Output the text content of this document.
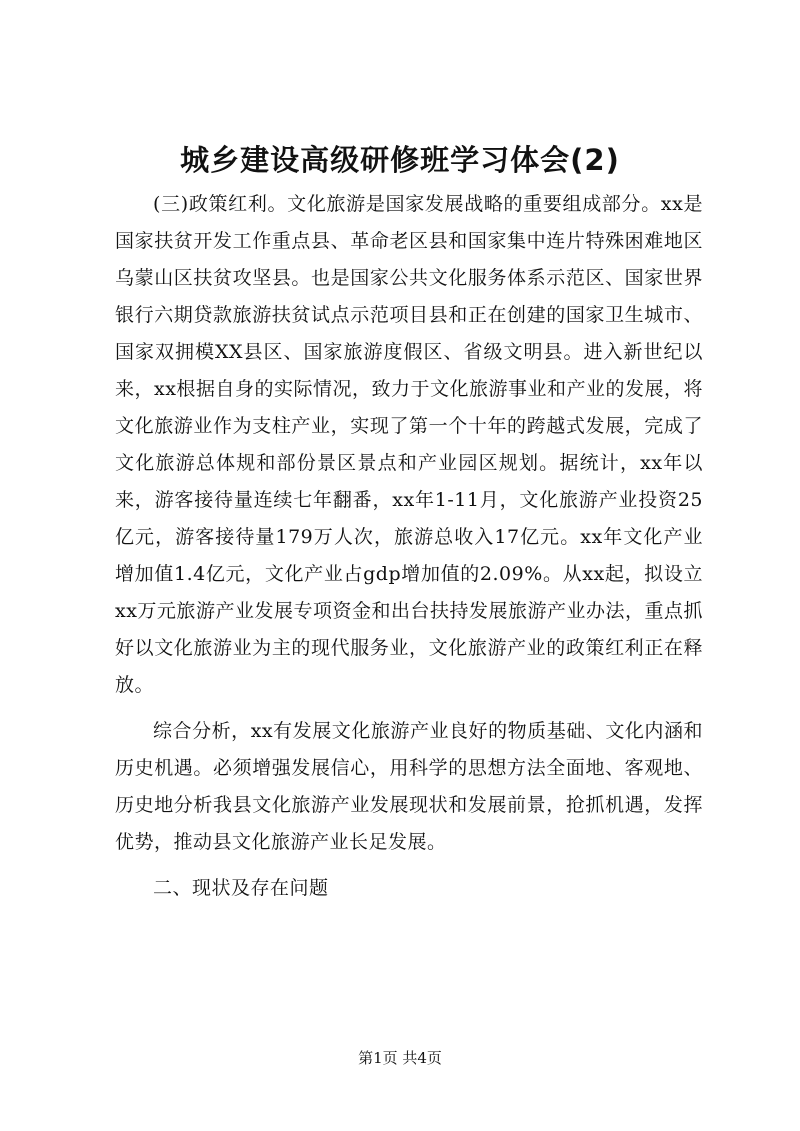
城乡建设高级研修班学习体会(2)

(三)政策红利。文化旅游是国家发展战略的重要组成部分。xx是国家扶贫开发工作重点县、革命老区县和国家集中连片特殊困难地区乌蒙山区扶贫攻坚县。也是国家公共文化服务体系示范区、国家世界银行六期贷款旅游扶贫试点示范项目县和正在创建的国家卫生城市、国家双拥模XX县区、国家旅游度假区、省级文明县。进入新世纪以来，xx根据自身的实际情况，致力于文化旅游事业和产业的发展，将文化旅游业作为支柱产业，实现了第一个十年的跨越式发展，完成了文化旅游总体规和部份景区景点和产业园区规划。据统计，xx年以来，游客接待量连续七年翻番，xx年1-11月，文化旅游产业投资25亿元，游客接待量179万人次，旅游总收入17亿元。xx年文化产业增加值1.4亿元，文化产业占gdp增加值的2.09%。从xx起，拟设立xx万元旅游产业发展专项资金和出台扶持发展旅游产业办法，重点抓好以文化旅游业为主的现代服务业，文化旅游产业的政策红利正在释放。

综合分析，xx有发展文化旅游产业良好的物质基础、文化内涵和历史机遇。必须增强发展信心，用科学的思想方法全面地、客观地、历史地分析我县文化旅游产业发展现状和发展前景，抢抓机遇，发挥优势，推动县文化旅游产业长足发展。

二、现状及存在问题

第1页 共4页
